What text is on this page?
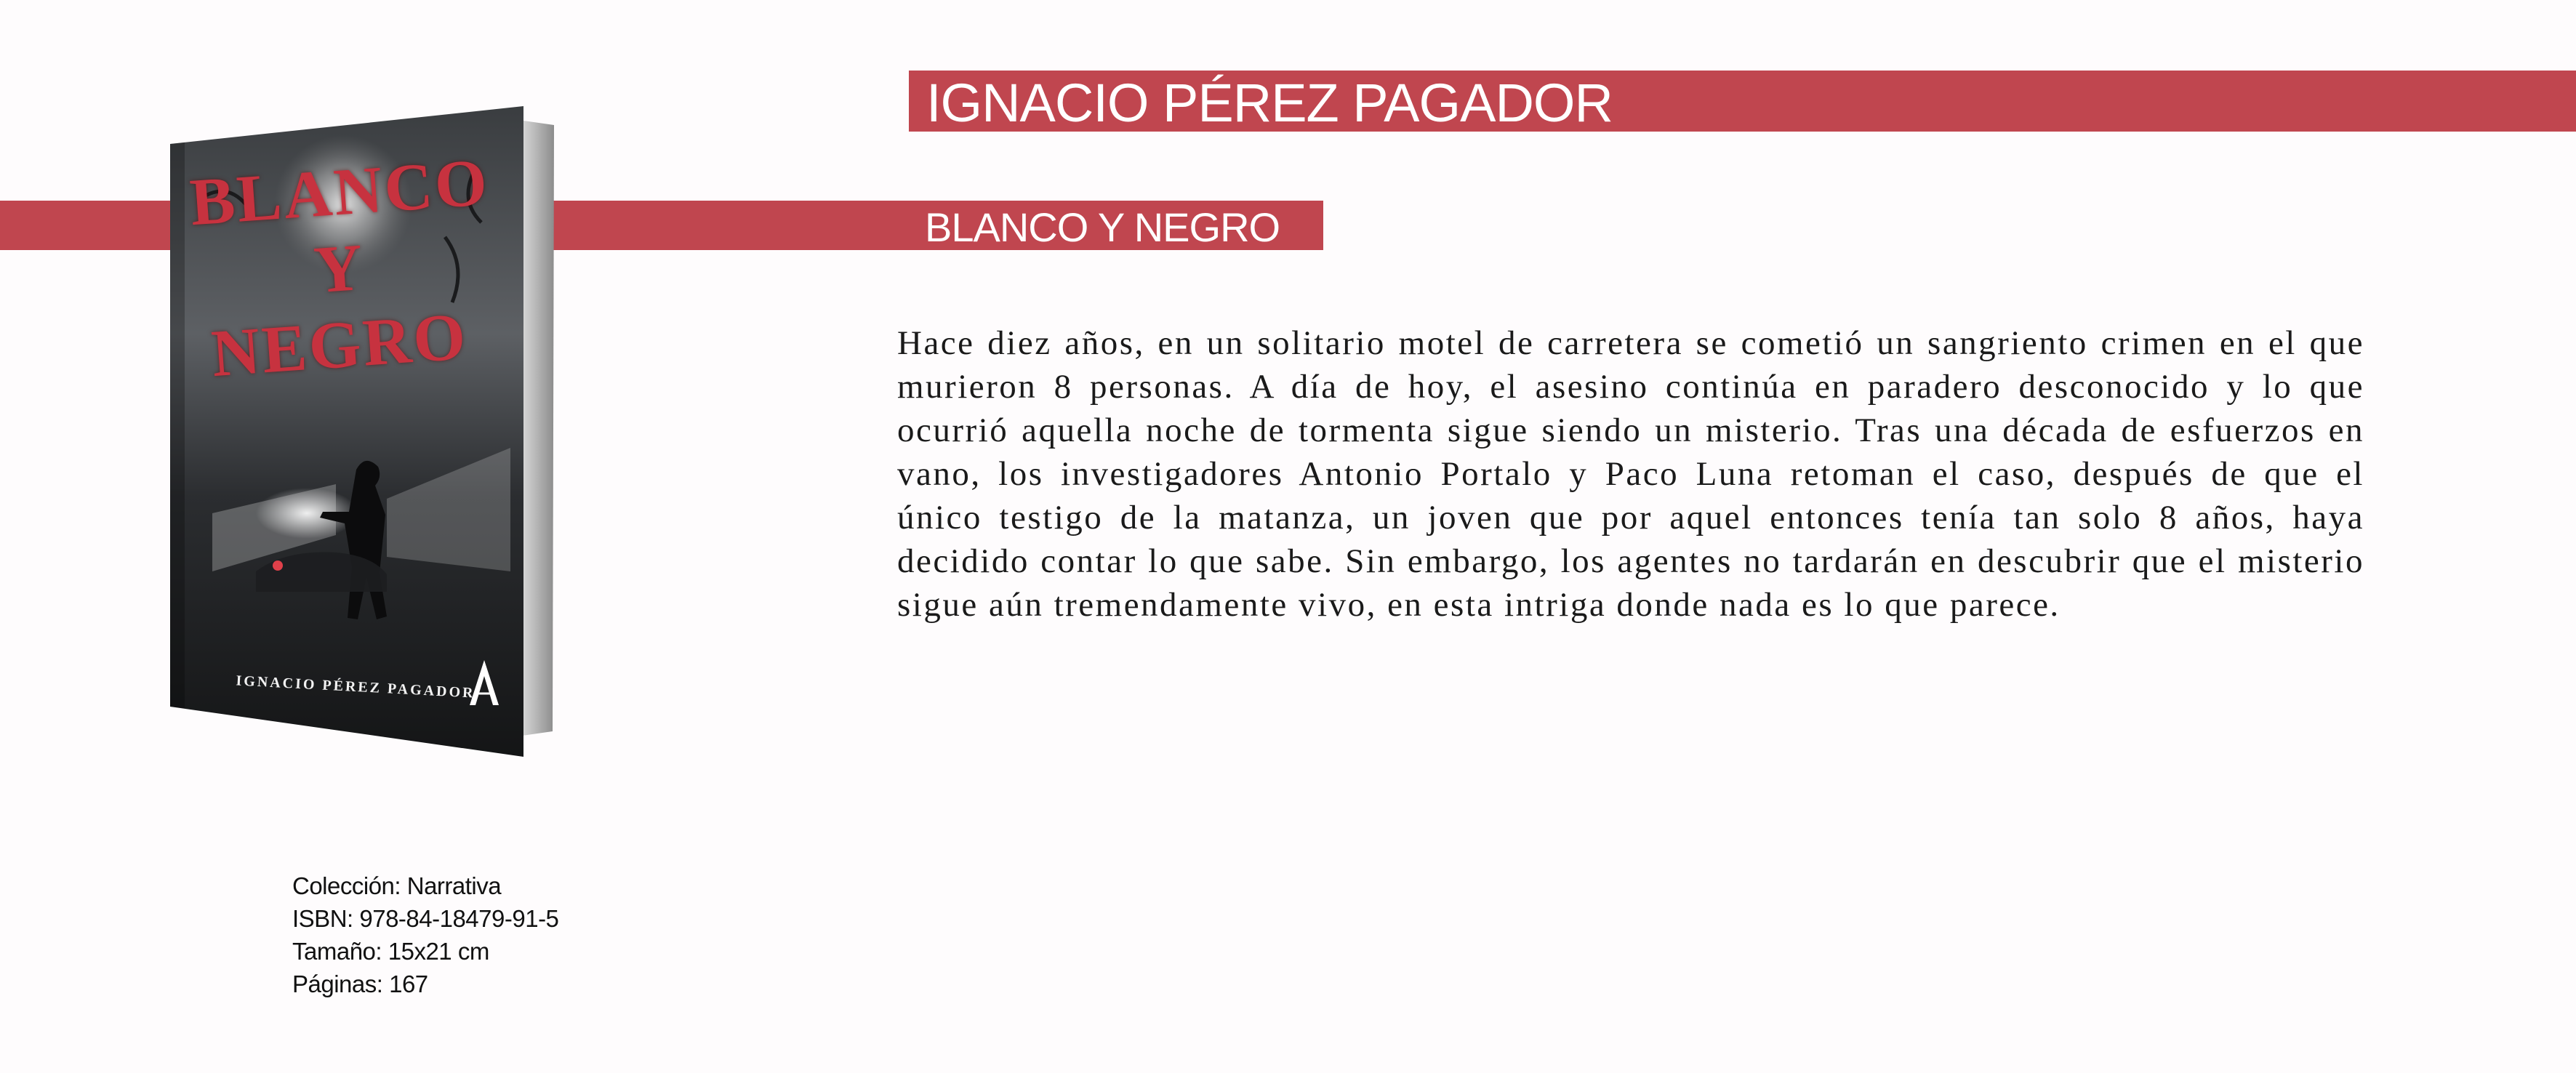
IGNACIO PÉREZ PAGADOR
BLANCO Y NEGRO
BLANCO
Y
NEGRO
IGNACIO PÉREZ PAGADOR

Hace diez años, en un solitario motel de carretera se cometió un sangriento crimen en el que murieron 8 personas. A día de hoy, el asesino continúa en paradero desconocido y lo que ocurrió aquella noche de tormenta sigue siendo un misterio. Tras una década de esfuerzos en vano, los investigadores Antonio Portalo y Paco Luna retoman el caso, después de que el único testigo de la matanza, un joven que por aquel entonces tenía tan solo 8 años, haya decidido contar lo que sabe. Sin embargo, los agentes no tardarán en descubrir que el misterio sigue aún tremendamente vivo, en esta intriga donde nada es lo que parece.

Colección: Narrativa
ISBN: 978-84-18479-91-5
Tamaño: 15x21 cm
Páginas: 167
